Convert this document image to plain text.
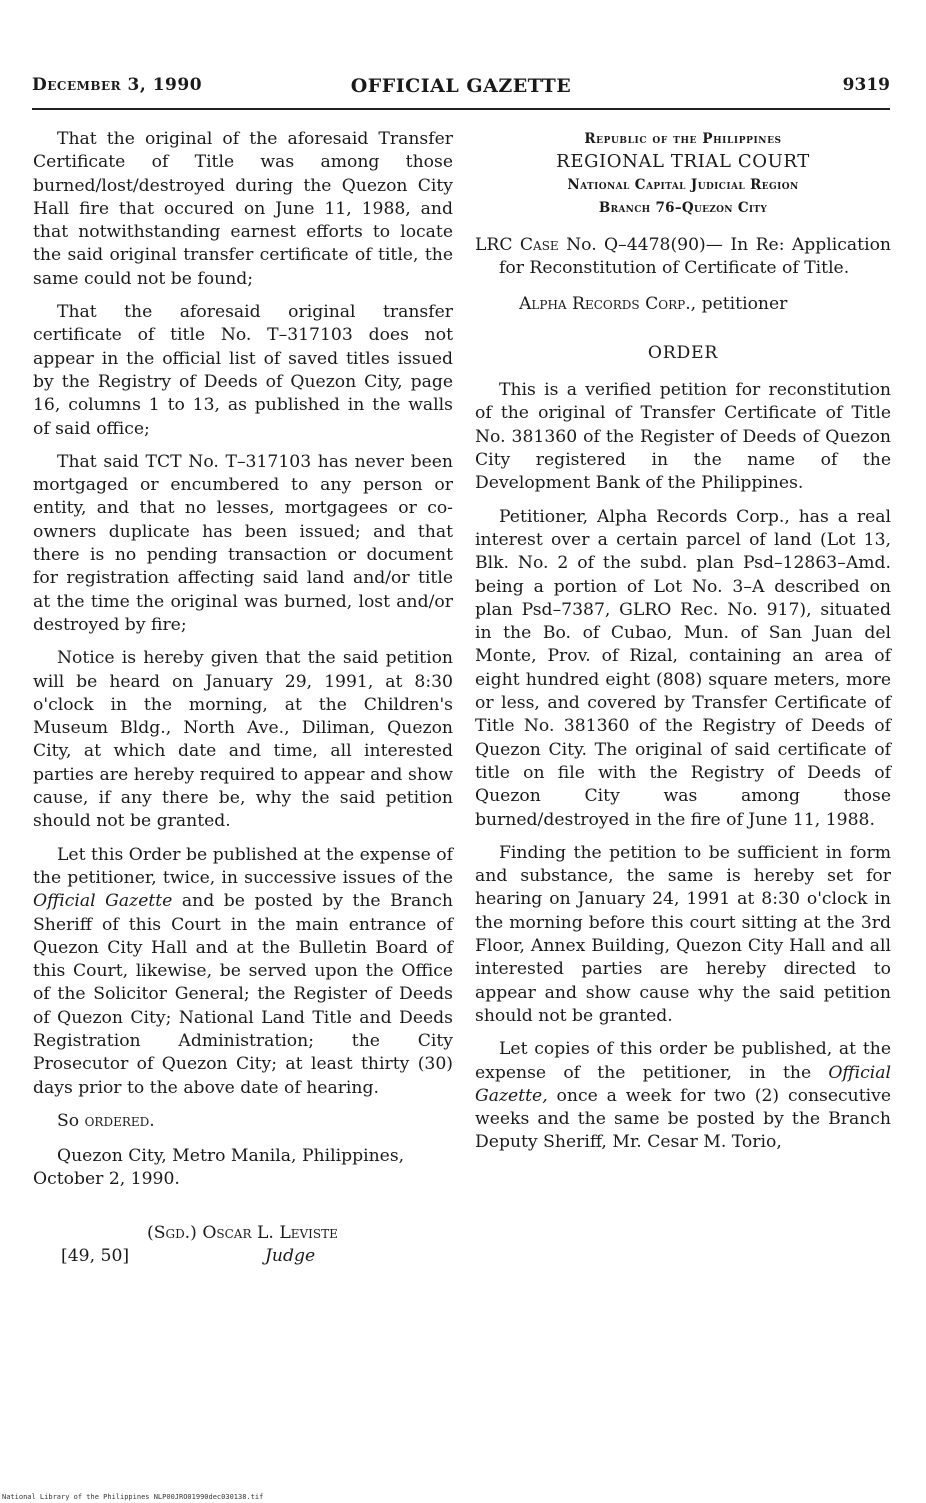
December 3, 1990	OFFICIAL GAZETTE	9319

That the original of the aforesaid Transfer Certificate of Title was among those burned/lost/destroyed during the Quezon City Hall fire that occured on June 11, 1988, and that notwithstanding earnest efforts to locate the said original transfer certificate of title, the same could not be found;

That the aforesaid original transfer certificate of title No. T–317103 does not appear in the official list of saved titles issued by the Registry of Deeds of Quezon City, page 16, columns 1 to 13, as published in the walls of said office;

That said TCT No. T–317103 has never been mortgaged or encumbered to any person or entity, and that no lesses, mortgagees or co-owners duplicate has been issued; and that there is no pending transaction or document for registration affecting said land and/or title at the time the original was burned, lost and/or destroyed by fire;

Notice is hereby given that the said petition will be heard on January 29, 1991, at 8:30 o'clock in the morning, at the Children's Museum Bldg., North Ave., Diliman, Quezon City, at which date and time, all interested parties are hereby required to appear and show cause, if any there be, why the said petition should not be granted.

Let this Order be published at the expense of the petitioner, twice, in successive issues of the Official Gazette and be posted by the Branch Sheriff of this Court in the main entrance of Quezon City Hall and at the Bulletin Board of this Court, likewise, be served upon the Office of the Solicitor General; the Register of Deeds of Quezon City; National Land Title and Deeds Registration Administration; the City Prosecutor of Quezon City; at least thirty (30) days prior to the above date of hearing.

So ordered.
Quezon City, Metro Manila, Philippines, October 2, 1990.
(Sgd.) Oscar L. Leviste
[49, 50]	Judge
Republic of the Philippines
REGIONAL TRIAL COURT
National Capital Judicial Region
Branch 76–Quezon City
LRC Case No. Q–4478(90)— In Re: Application for Reconstitution of Certificate of Title.
Alpha Records Corp., petitioner
ORDER

This is a verified petition for reconstitution of the original of Transfer Certificate of Title No. 381360 of the Register of Deeds of Quezon City registered in the name of the Development Bank of the Philippines.

Petitioner, Alpha Records Corp., has a real interest over a certain parcel of land (Lot 13, Blk. No. 2 of the subd. plan Psd–12863–Amd. being a portion of Lot No. 3–A described on plan Psd–7387, GLRO Rec. No. 917), situated in the Bo. of Cubao, Mun. of San Juan del Monte, Prov. of Rizal, containing an area of eight hundred eight (808) square meters, more or less, and covered by Transfer Certificate of Title No. 381360 of the Registry of Deeds of Quezon City. The original of said certificate of title on file with the Registry of Deeds of Quezon City was among those burned/destroyed in the fire of June 11, 1988.

Finding the petition to be sufficient in form and substance, the same is hereby set for hearing on January 24, 1991 at 8:30 o'clock in the morning before this court sitting at the 3rd Floor, Annex Building, Quezon City Hall and all interested parties are hereby directed to appear and show cause why the said petition should not be granted.

Let copies of this order be published, at the expense of the petitioner, in the Official Gazette, once a week for two (2) consecutive weeks and the same be posted by the Branch Deputy Sheriff, Mr. Cesar M. Torio,

National Library of the Philippines NLP00JRO01990dec030138.tif
